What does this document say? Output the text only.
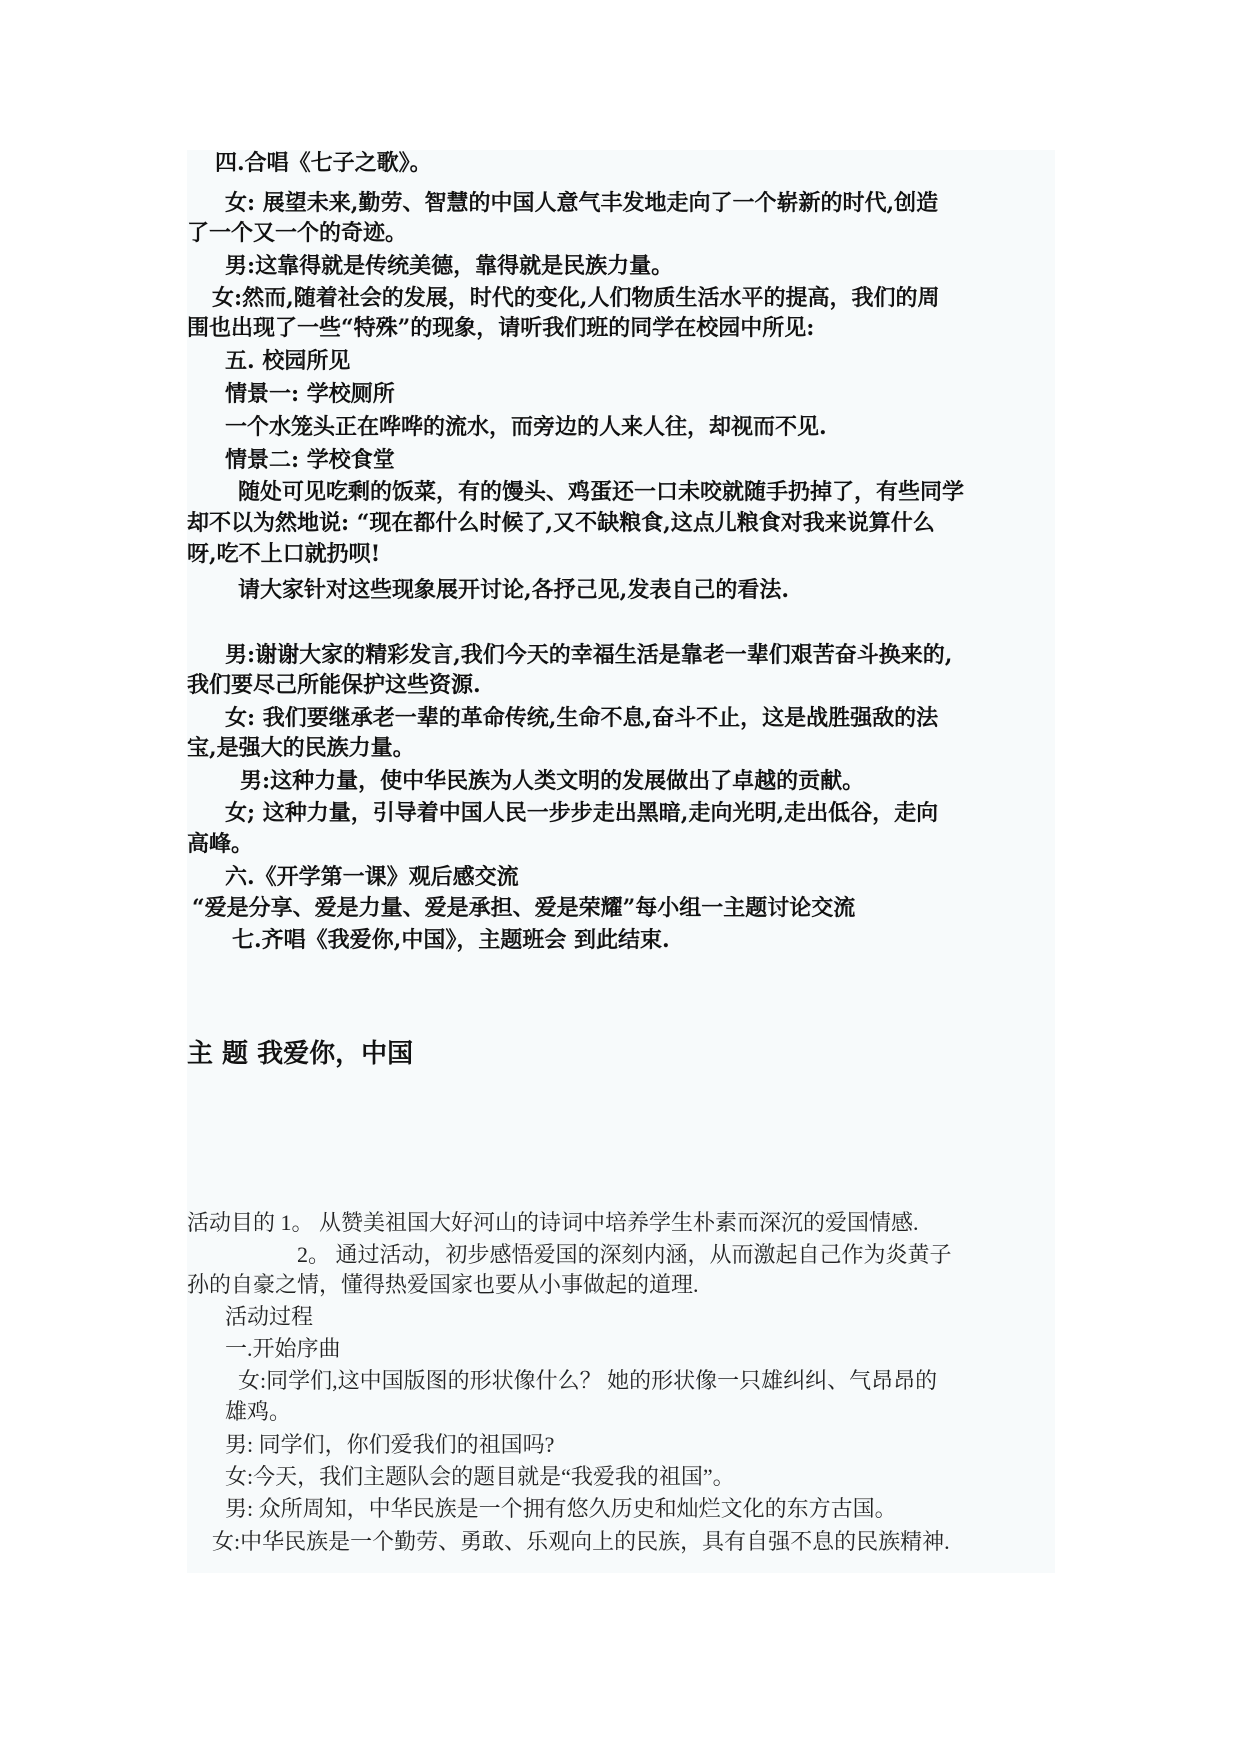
四.合唱《七子之歌》。
女: 展望未来,勤劳、智慧的中国人意气丰发地走向了一个崭新的时代,创造
了一个又一个的奇迹。
男:这靠得就是传统美德，靠得就是民族力量。
女:然而,随着社会的发展，时代的变化,人们物质生活水平的提高，我们的周
围也出现了一些“特殊”的现象，请听我们班的同学在校园中所见:
五. 校园所见
情景一: 学校厕所
一个水笼头正在哗哗的流水，而旁边的人来人往，却视而不见.
情景二: 学校食堂
随处可见吃剩的饭菜，有的馒头、鸡蛋还一口未咬就随手扔掉了，有些同学
却不以为然地说: “现在都什么时候了,又不缺粮食,这点儿粮食对我来说算什么
呀,吃不上口就扔呗!
请大家针对这些现象展开讨论,各抒己见,发表自己的看法.
男:谢谢大家的精彩发言,我们今天的幸福生活是靠老一辈们艰苦奋斗换来的,
我们要尽己所能保护这些资源.
女: 我们要继承老一辈的革命传统,生命不息,奋斗不止，这是战胜强敌的法
宝,是强大的民族力量。
男:这种力量，使中华民族为人类文明的发展做出了卓越的贡献。
女; 这种力量，引导着中国人民一步步走出黑暗,走向光明,走出低谷，走向
高峰。
六.《开学第一课》观后感交流
“爱是分享、爱是力量、爱是承担、爱是荣耀”每小组一主题讨论交流
七.齐唱《我爱你,中国》，主题班会 到此结束.
主 题 我爱你，中国
活动目的 1。 从赞美祖国大好河山的诗词中培养学生朴素而深沉的爱国情感.
2。 通过活动，初步感悟爱国的深刻内涵，从而激起自己作为炎黄子
孙的自豪之情，懂得热爱国家也要从小事做起的道理.
活动过程
一.开始序曲
女:同学们,这中国版图的形状像什么？ 她的形状像一只雄纠纠、气昂昂的
雄鸡。
男: 同学们，你们爱我们的祖国吗?
女:今天，我们主题队会的题目就是“我爱我的祖国”。
男: 众所周知，中华民族是一个拥有悠久历史和灿烂文化的东方古国。
女:中华民族是一个勤劳、勇敢、乐观向上的民族，具有自强不息的民族精神.
